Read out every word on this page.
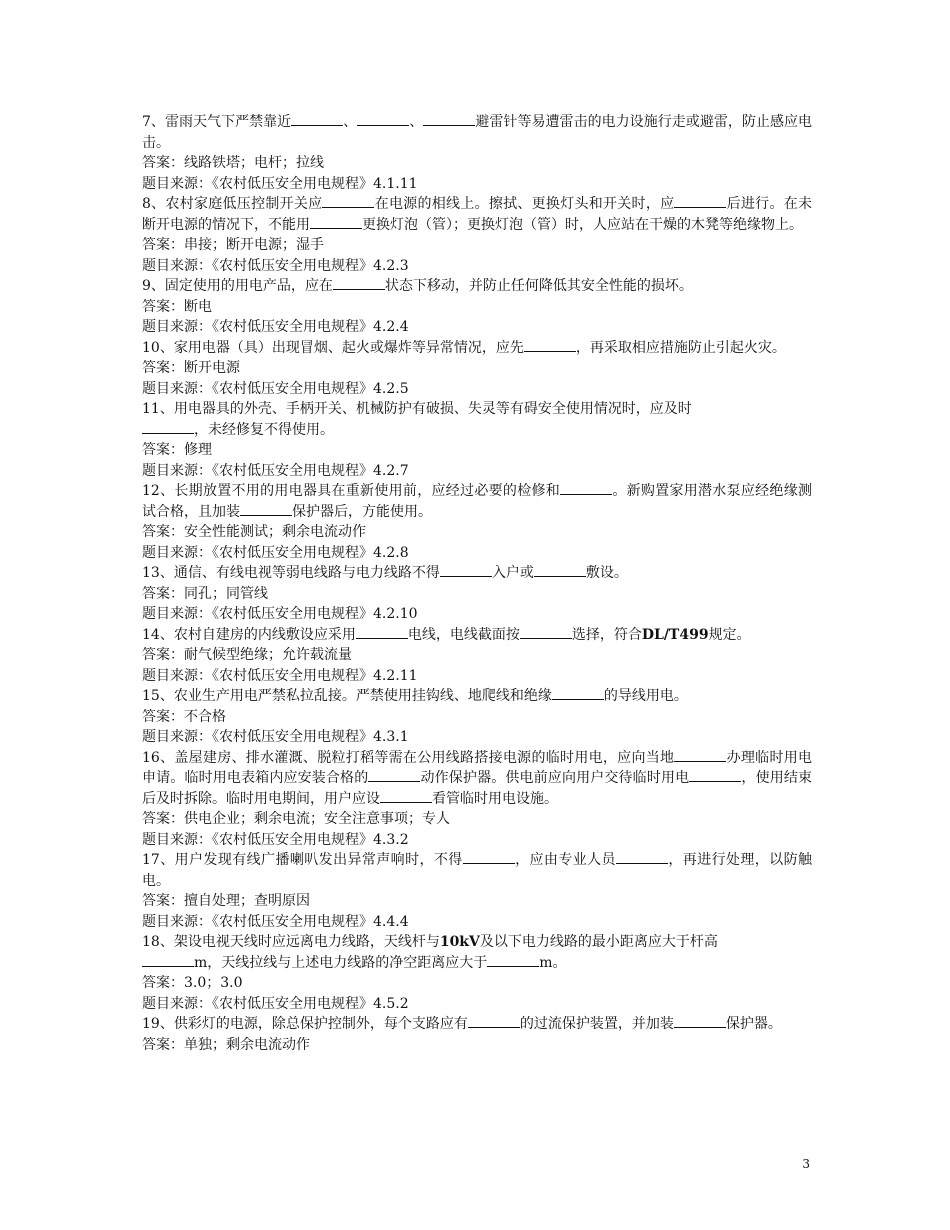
7、雷雨天气下严禁靠近	、	、	避雷针等易遭雷击的电力设施行走或避雷，防止感应电击。

答案：线路铁塔；电杆；拉线

题目来源：《农村低压安全用电规程》4.1.11

8、农村家庭低压控制开关应	在电源的相线上。擦拭、更换灯头和开关时，应	后进行。在未断开电源的情况下，不能用	更换灯泡（管）；更换灯泡（管）时，人应站在干燥的木凳等绝缘物上。

答案：串接；断开电源；湿手

题目来源：《农村低压安全用电规程》4.2.3

9、固定使用的用电产品，应在	状态下移动，并防止任何降低其安全性能的损坏。

答案：断电

题目来源：《农村低压安全用电规程》4.2.4

10、家用电器（具）出现冒烟、起火或爆炸等异常情况，应先	，再采取相应措施防止引起火灾。

答案：断开电源

题目来源：《农村低压安全用电规程》4.2.5

11、用电器具的外壳、手柄开关、机械防护有破损、失灵等有碍安全使用情况时，应及时
，未经修复不得使用。

答案：修理

题目来源：《农村低压安全用电规程》4.2.7

12、长期放置不用的用电器具在重新使用前，应经过必要的检修和	。新购置家用潜水泵应经绝缘测试合格，且加装	保护器后，方能使用。

答案：安全性能测试；剩余电流动作

题目来源：《农村低压安全用电规程》4.2.8

13、通信、有线电视等弱电线路与电力线路不得	入户或	敷设。

答案：同孔；同管线

题目来源：《农村低压安全用电规程》4.2.10

14、农村自建房的内线敷设应采用	电线，电线截面按	选择，符合DL/T499规定。

答案：耐气候型绝缘；允许载流量

题目来源：《农村低压安全用电规程》4.2.11

15、农业生产用电严禁私拉乱接。严禁使用挂钩线、地爬线和绝缘	的导线用电。

答案：不合格

题目来源：《农村低压安全用电规程》4.3.1

16、盖屋建房、排水灌溉、脱粒打稻等需在公用线路搭接电源的临时用电，应向当地	办理临时用电申请。临时用电表箱内应安装合格的	动作保护器。供电前应向用户交待临时用电	，使用结束后及时拆除。临时用电期间，用户应设	看管临时用电设施。

答案：供电企业；剩余电流；安全注意事项；专人

题目来源：《农村低压安全用电规程》4.3.2

17、用户发现有线广播喇叭发出异常声响时，不得	，应由专业人员	，再进行处理，以防触电。

答案：擅自处理；查明原因

题目来源：《农村低压安全用电规程》4.4.4

18、架设电视天线时应远离电力线路，天线杆与10kV及以下电力线路的最小距离应大于杆高
m，天线拉线与上述电力线路的净空距离应大于	m。

答案：3.0；3.0

题目来源：《农村低压安全用电规程》4.5.2

19、供彩灯的电源，除总保护控制外，每个支路应有	的过流保护装置，并加装	保护器。

答案：单独；剩余电流动作

3
